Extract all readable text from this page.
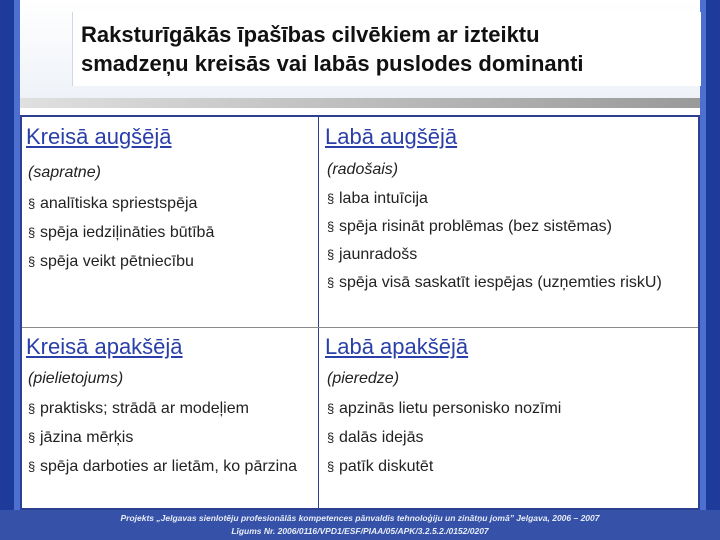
Raksturīgākās īpašības cilvēkiem ar izteiktu
smadzeņu kreisās vai labās puslodes dominanti
Kreisā augšējā
(sapratne)
§ analītiska spriestspēja
§ spēja iedziļināties būtībā
§ spēja veikt pētniecību
Labā augšējā
(radošais)
§ laba intuīcija
§ spēja risināt problēmas (bez sistēmas)
§ jaunradošs
§ spēja visā saskatīt iespējas (uzņemties riskU)
Kreisā apakšējā
(pielietojums)
§ praktisks; strādā ar modeļiem
§ jāzina mērķis
§ spēja darboties ar lietām, ko pārzina
Labā apakšējā
(pieredze)
§ apzinās lietu personisko nozīmi
§ dalās idejās
§ patīk diskutēt
Projekts „Jelgavas sienlotēju profesionālās kompetences pānvaldis tehnoloģiju un zinātņu jomā” Jelgava, 2006 – 2007
Līgums Nr. 2006/0116/VPD1/ESF/PIAA/05/APK/3.2.5.2./0152/0207
